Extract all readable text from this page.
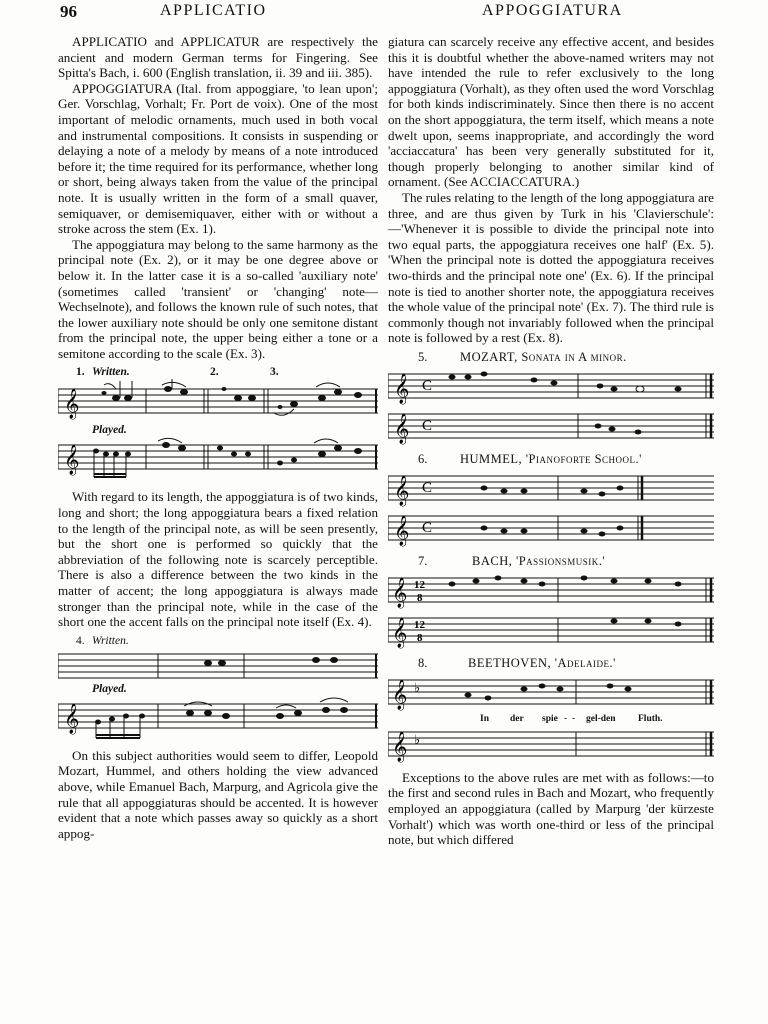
96	APPLICATIO	APPOGGIATURA

APPLICATIO and APPLICATUR are respectively the ancient and modern German terms for Fingering. See Spitta's Bach, i. 600 (English translation, ii. 39 and iii. 385).

APPOGGIATURA (Ital. from appoggiare, 'to lean upon'; Ger. Vorschlag, Vorhalt; Fr. Port de voix). One of the most important of melodic ornaments, much used in both vocal and instrumental compositions. It consists in suspending or delaying a note of a melody by means of a note introduced before it; the time required for its performance, whether long or short, being always taken from the value of the principal note. It is usually written in the form of a small quaver, semiquaver, or demisemiquaver, either with or without a stroke across the stem (Ex. 1).

The appoggiatura may belong to the same harmony as the principal note (Ex. 2), or it may be one degree above or below it. In the latter case it is a so-called 'auxiliary note' (sometimes called 'transient' or 'changing' note—Wechselnote), and follows the known rule of such notes, that the lower auxiliary note should be only one semitone distant from the principal note, the upper being either a tone or a semitone according to the scale (Ex. 3).

1. Written.	2.	3.
𝄞
Played.
𝄞

With regard to its length, the appoggiatura is of two kinds, long and short; the long appoggiatura bears a fixed relation to the length of the principal note, as will be seen presently, but the short one is performed so quickly that the abbreviation of the following note is scarcely perceptible. There is also a difference between the two kinds in the matter of accent; the long appoggiatura is always made stronger than the principal note, while in the case of the short one the accent falls on the principal note itself (Ex. 4).

4. Written.
Played.
𝄞

On this subject authorities would seem to differ, Leopold Mozart, Hummel, and others holding the view advanced above, while Emanuel Bach, Marpurg, and Agricola give the rule that all appoggiaturas should be accented. It is however evident that a note which passes away so quickly as a short appog-

giatura can scarcely receive any effective accent, and besides this it is doubtful whether the above-named writers may not have intended the rule to refer exclusively to the long appoggiatura (Vorhalt), as they often used the word Vorschlag for both kinds indiscriminately. Since then there is no accent on the short appoggiatura, the term itself, which means a note dwelt upon, seems inappropriate, and accordingly the word 'acciaccatura' has been very generally substituted for it, though properly belonging to another similar kind of ornament. (See ACCIACCATURA.)

The rules relating to the length of the long appoggiatura are three, and are thus given by Turk in his 'Clavierschule':—'Whenever it is possible to divide the principal note into two equal parts, the appoggiatura receives one half' (Ex. 5). 'When the principal note is dotted the appoggiatura receives two-thirds and the principal note one' (Ex. 6). If the principal note is tied to another shorter note, the appoggiatura receives the whole value of the principal note' (Ex. 7). The third rule is commonly though not invariably followed when the principal note is followed by a rest (Ex. 8).

5.	MOZART, Sonata in A minor.
𝄞 C
𝄞 C
6.	HUMMEL, 'Pianoforte School.'
𝄞 C
𝄞 C
7.	BACH, 'Passionsmusik.'
𝄞 12
8
𝄞 12
8
8.	BEETHOVEN, 'Adelaide.'
𝄞 ♭
In der spie - - gel-den Fluth.
𝄞 ♭

Exceptions to the above rules are met with as follows:—to the first and second rules in Bach and Mozart, who frequently employed an appoggiatura (called by Marpurg 'der kürzeste Vorhalt') which was worth one-third or less of the principal note, but which differed
